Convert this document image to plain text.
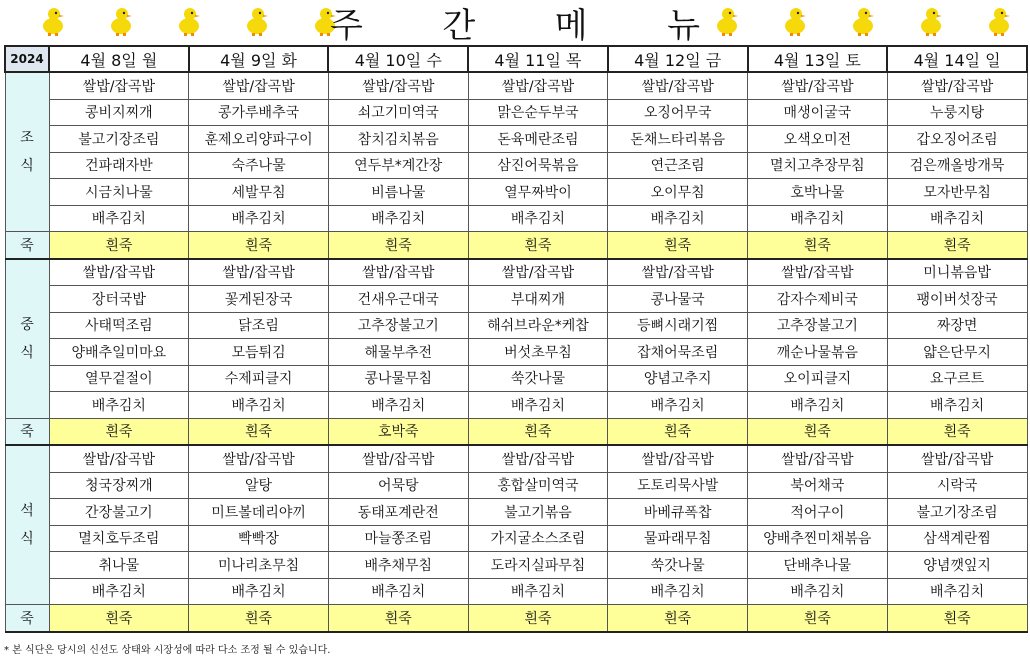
주 간 메 뉴
2024	4월 8일 월	4월 9일 화	4월 10일 수	4월 11일 목	4월 12일 금	4월 13일 토	4월 14일 일

조
식	쌀밥/잡곡밥	쌀밥/잡곡밥	쌀밥/잡곡밥	쌀밥/잡곡밥	쌀밥/잡곡밥	쌀밥/잡곡밥	쌀밥/잡곡밥
	콩비지찌개	콩가루배추국	쇠고기미역국	맑은순두부국	오징어무국	매생이굴국	누룽지탕
	불고기장조림	훈제오리양파구이	참치김치볶음	돈육메란조림	돈채느타리볶음	오색오미전	갑오징어조림
	건파래자반	숙주나물	연두부*계간장	삼진어묵볶음	연근조림	멸치고추장무침	검은깨올방개묵
	시금치나물	세발무침	비름나물	열무짜박이	오이무침	호박나물	모자반무침
	배추김치	배추김치	배추김치	배추김치	배추김치	배추김치	배추김치
죽	흰죽	흰죽	흰죽	흰죽	흰죽	흰죽	흰죽

중
식	쌀밥/잡곡밥	쌀밥/잡곡밥	쌀밥/잡곡밥	쌀밥/잡곡밥	쌀밥/잡곡밥	쌀밥/잡곡밥	미니볶음밥
	장터국밥	꽃게된장국	건새우근대국	부대찌개	콩나물국	감자수제비국	팽이버섯장국
	사태떡조림	닭조림	고추장불고기	해쉬브라운*케찹	등뼈시래기찜	고추장불고기	짜장면
	양배추일미마요	모듬튀김	해물부추전	버섯초무침	잡채어묵조림	깨순나물볶음	얇은단무지
	열무겉절이	수제피클지	콩나물무침	쑥갓나물	양념고추지	오이피클지	요구르트
	배추김치	배추김치	배추김치	배추김치	배추김치	배추김치	배추김치
죽	흰죽	흰죽	호박죽	흰죽	흰죽	흰죽	흰죽

석
식	쌀밥/잡곡밥	쌀밥/잡곡밥	쌀밥/잡곡밥	쌀밥/잡곡밥	쌀밥/잡곡밥	쌀밥/잡곡밥	쌀밥/잡곡밥
	청국장찌개	알탕	어묵탕	홍합살미역국	도토리묵사발	북어채국	시락국
	간장불고기	미트볼데리야끼	동태포계란전	불고기볶음	바베큐폭찹	적어구이	불고기장조림
	멸치호두조림	빡빡장	마늘쫑조림	가지굴소스조림	물파래무침	양배추찐미채볶음	삼색계란찜
	취나물	미나리초무침	배추채무침	도라지실파무침	쑥갓나물	단배추나물	양념깻잎지
	배추김치	배추김치	배추김치	배추김치	배추김치	배추김치	배추김치
죽	흰죽	흰죽	흰죽	흰죽	흰죽	흰죽	흰죽
* 본 식단은 당시의 신선도 상태와 시장성에 따라 다소 조정 될 수 있습니다.
